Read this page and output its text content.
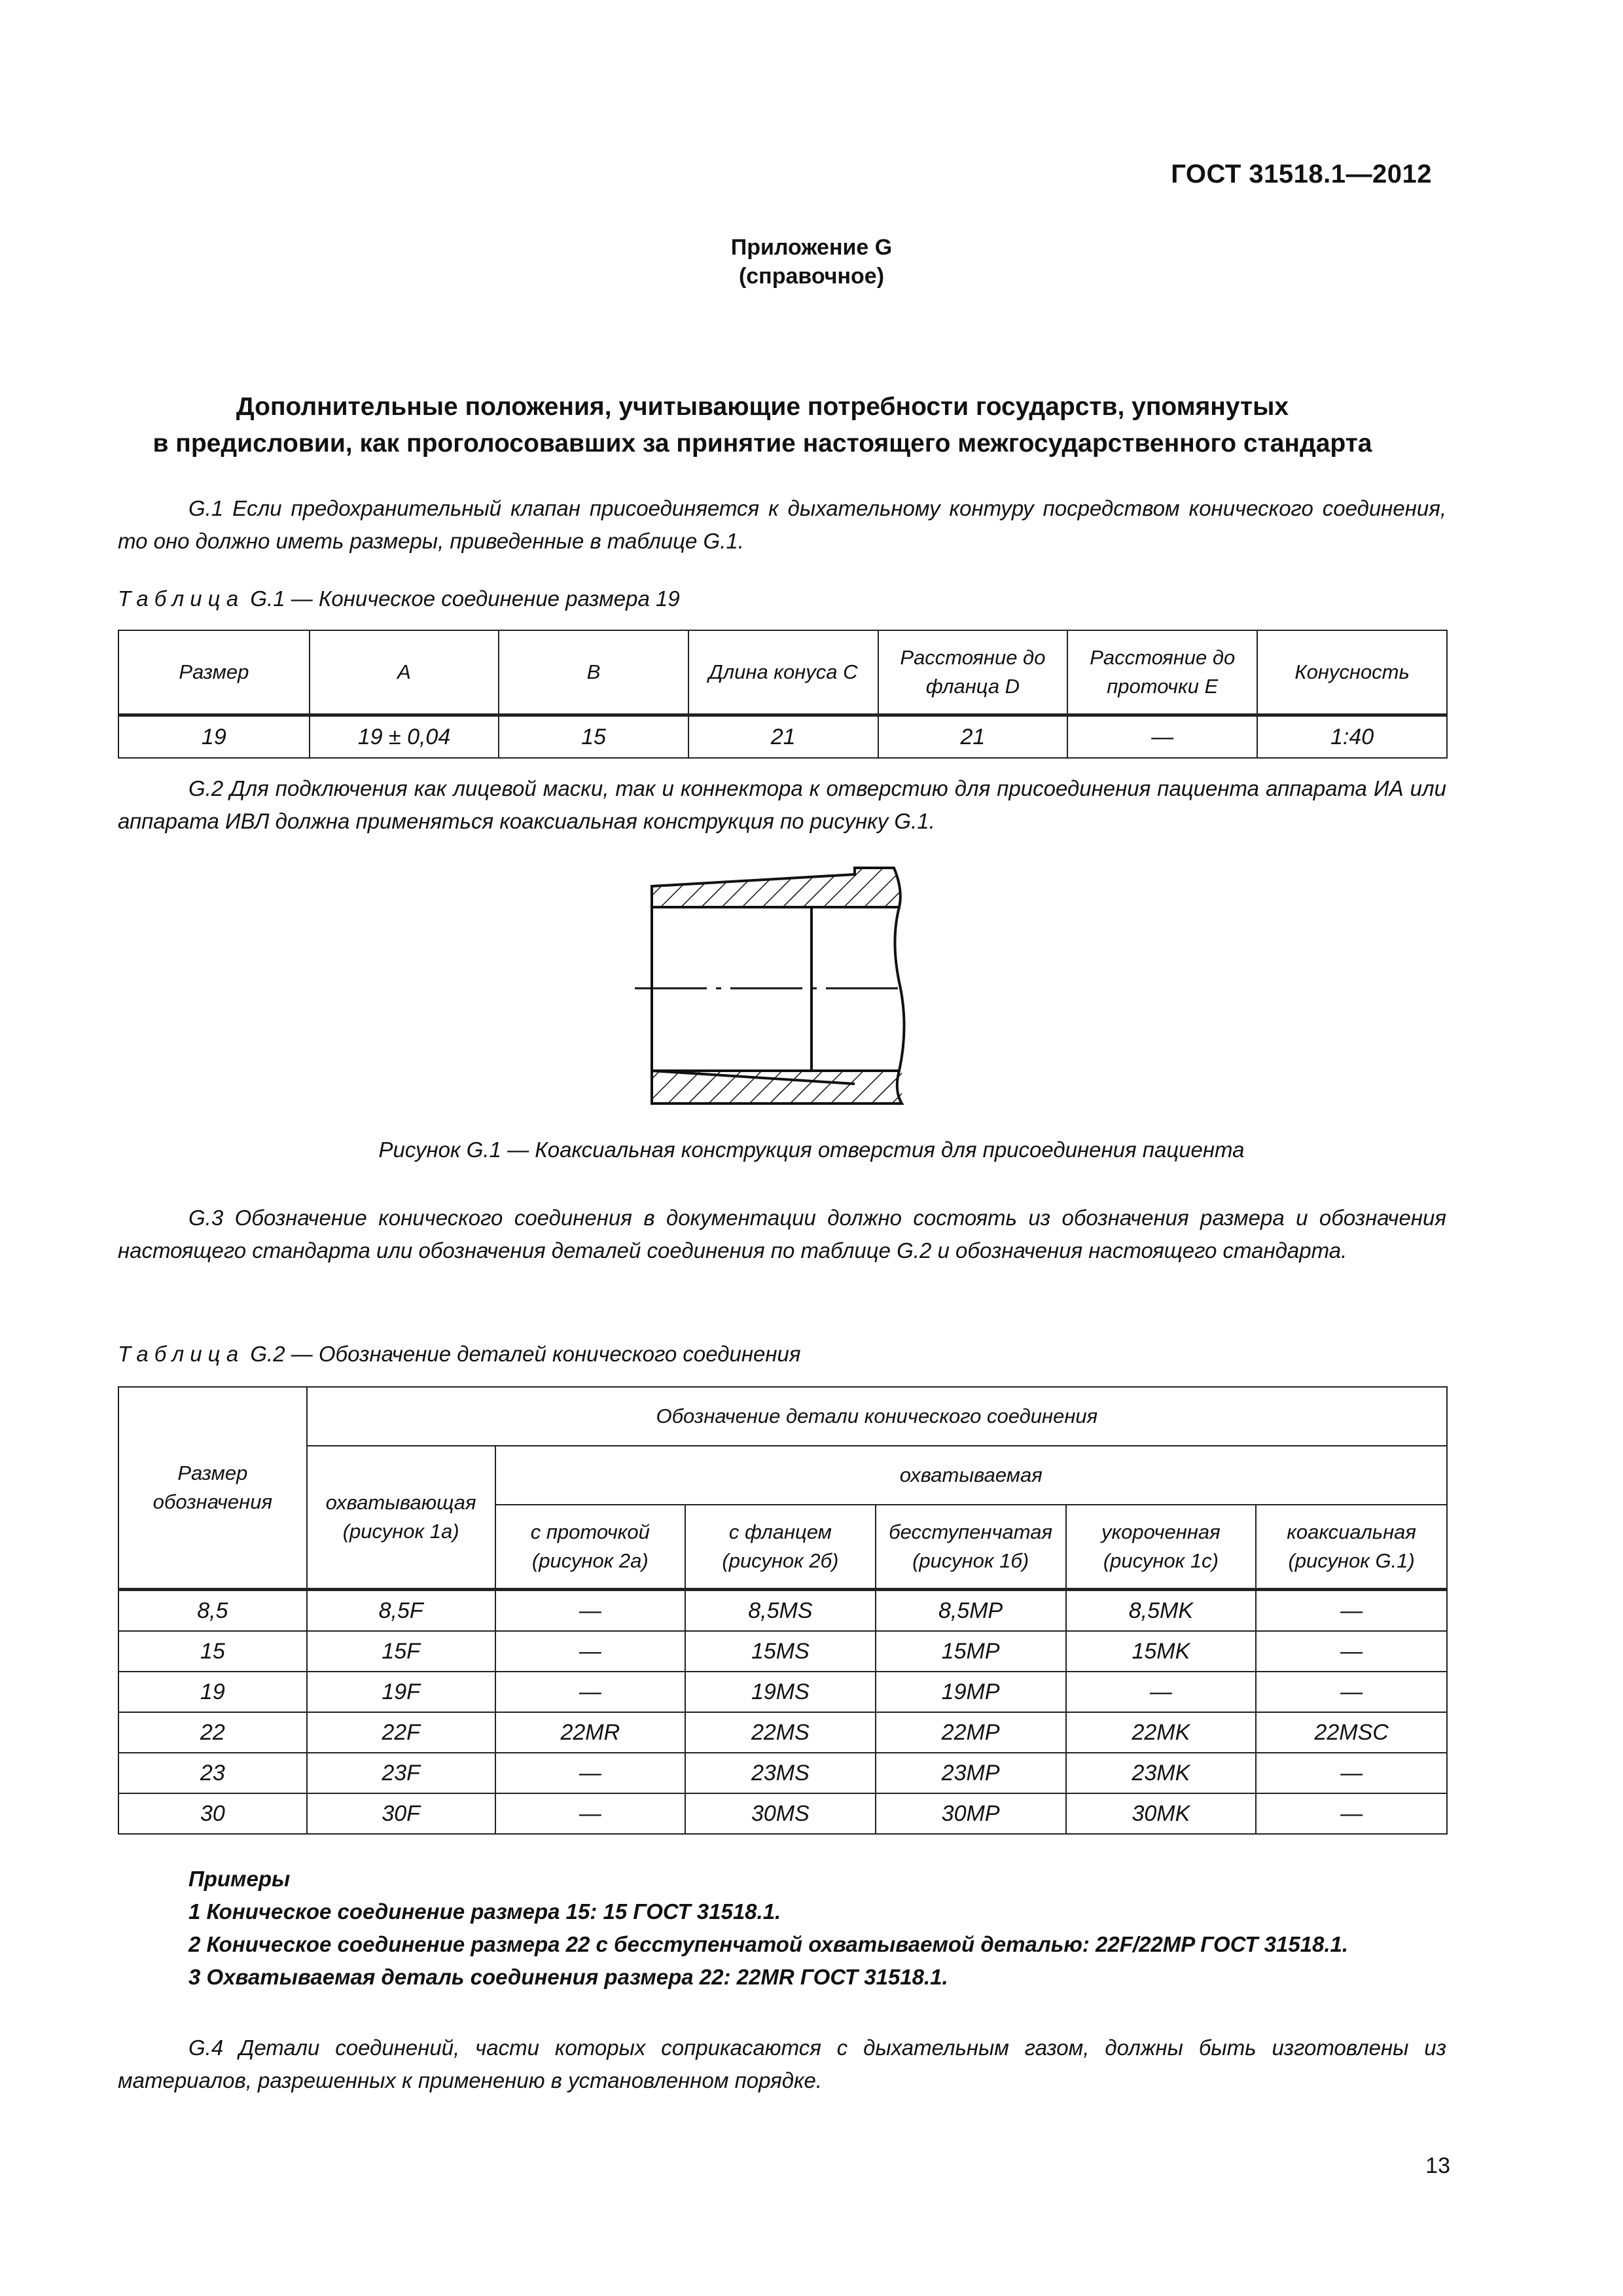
ГОСТ 31518.1—2012
Приложение G
(справочное)
Дополнительные положения, учитывающие потребности государств, упомянутых
в предисловии, как проголосовавших за принятие настоящего межгосударственного стандарта
G.1 Если предохранительный клапан присоединяется к дыхательному контуру посредством конического соединения, то оно должно иметь размеры, приведенные в таблице G.1.
Таблица G.1 — Коническое соединение размера 19
Размер	A	B	Длина конуса C	Расстояние до фланца D	Расстояние до проточки E	Конусность
19	19 ± 0,04	15	21	21	—	1:40
G.2 Для подключения как лицевой маски, так и коннектора к отверстию для присоединения пациента аппарата ИА или аппарата ИВЛ должна применяться коаксиальная конструкция по рисунку G.1.
Рисунок G.1 — Коаксиальная конструкция отверстия для присоединения пациента
G.3 Обозначение конического соединения в документации должно состоять из обозначения размера и обозначения настоящего стандарта или обозначения деталей соединения по таблице G.2 и обозначения настоящего стандарта.
Таблица G.2 — Обозначение деталей конического соединения
Размер обозначения	Обозначение детали конического соединения					
	охватывающая (рисунок 1а)	охватываемая				
		с проточкой (рисунок 2а)	с фланцем (рисунок 2б)	бесступенчатая (рисунок 1б)	укороченная (рисунок 1с)	коаксиальная (рисунок G.1)
8,5	8,5F	—	8,5MS	8,5MP	8,5MK	—
15	15F	—	15MS	15MP	15MK	—
19	19F	—	19MS	19MP	—	—
22	22F	22MR	22MS	22MP	22MK	22MSC
23	23F	—	23MS	23MP	23MK	—
30	30F	—	30MS	30MP	30MK	—
Примеры
1 Коническое соединение размера 15: 15 ГОСТ 31518.1.
2 Коническое соединение размера 22 с бесступенчатой охватываемой деталью: 22F/22MP ГОСТ 31518.1.
3 Охватываемая деталь соединения размера 22: 22MR ГОСТ 31518.1.
G.4 Детали соединений, части которых соприкасаются с дыхательным газом, должны быть изготовлены из материалов, разрешенных к применению в установленном порядке.
13
